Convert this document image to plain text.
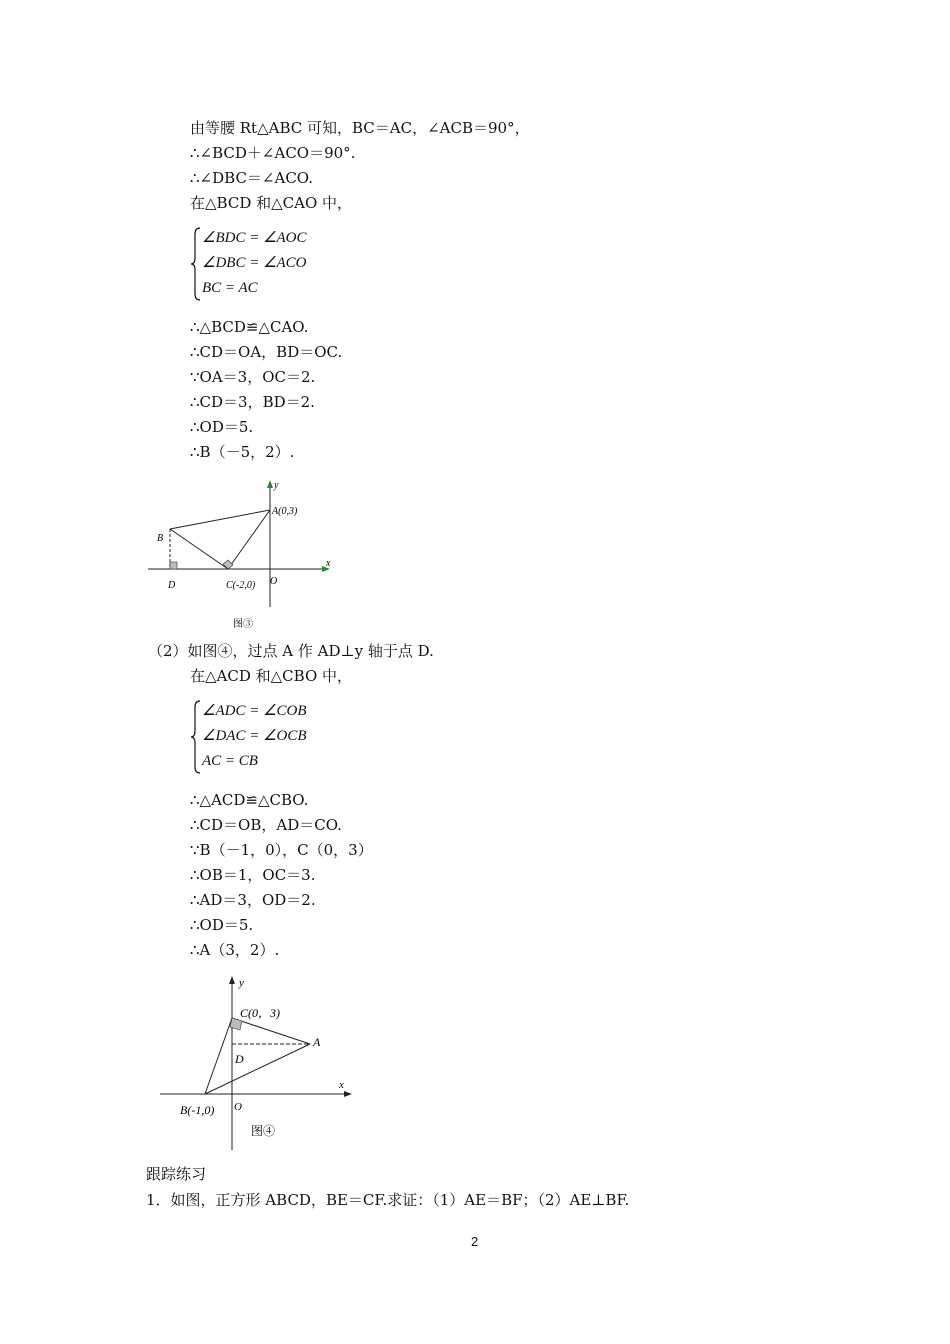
由等腰 Rt△ABC 可知，BC＝AC，∠ACB＝90°，
∴∠BCD＋∠ACO＝90°.
∴∠DBC＝∠ACO.
在△BCD 和△CAO 中，
∠BDC = ∠AOC
∠DBC = ∠ACO
BC = AC
∴△BCD≌△CAO.
∴CD＝OA，BD＝OC.
∵OA＝3，OC＝2.
∴CD＝3，BD＝2.
∴OD＝5.
∴B（－5，2）.
y
x
A(0,3)
B
C(-2,0)
D	O
图③
（2）如图④，过点 A 作 AD⊥y 轴于点 D.
在△ACD 和△CBO 中，
∠ADC = ∠COB
∠DAC = ∠OCB
AC = CB
∴△ACD≌△CBO.
∴CD＝OB，AD＝CO.
∵B（－1，0），C（0，3）
∴OB＝1，OC＝3.
∴AD＝3，OD＝2.
∴OD＝5.
∴A（3，2）.
y
x
C(0，3)
A
D
B(-1,0) O
图④
跟踪练习
1．如图，正方形 ABCD，BE＝CF.求证：（1）AE＝BF；（2）AE⊥BF.
2
